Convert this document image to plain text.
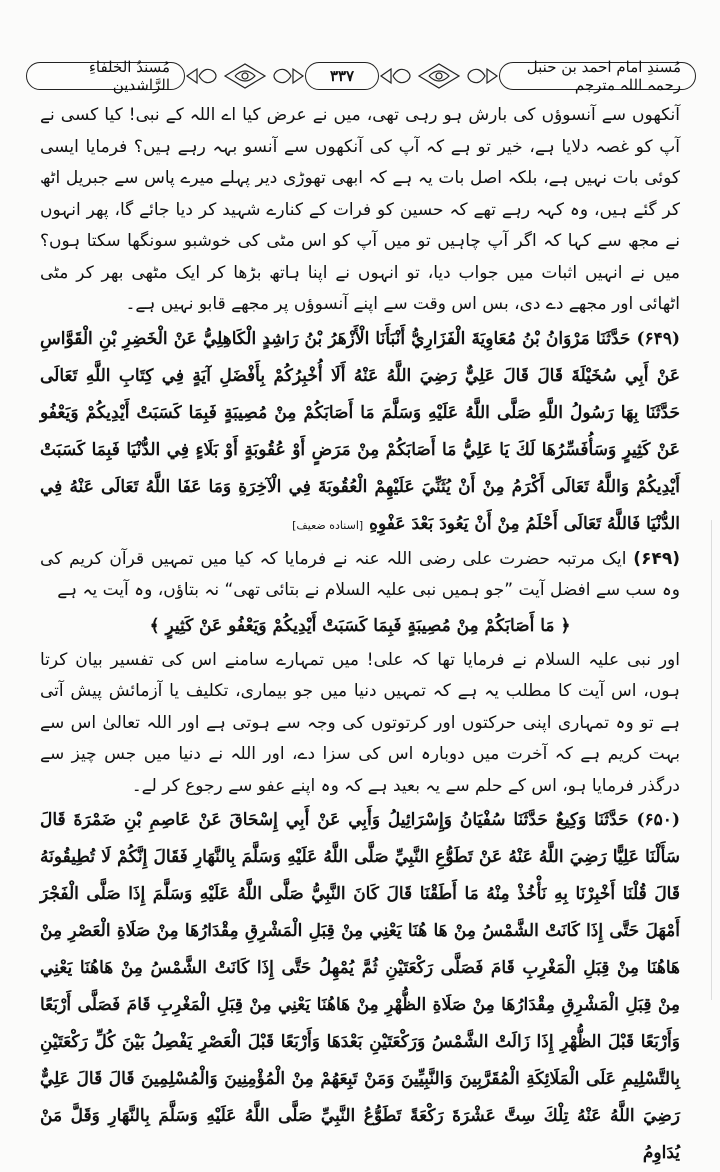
مُسندُ الخلفاءِ الرَّاشدين	۳۳۷	مُسندِ امام احمد بن حنبل رحمہ اللہ مترجم

آنکھوں سے آنسوؤں کی بارش ہو رہی تھی، میں نے عرض کیا اے اللہ کے نبی! کیا کسی نے آپ کو غصہ دلایا ہے، خیر تو ہے کہ آپ کی آنکھوں سے آنسو بہہ رہے ہیں؟ فرمایا ایسی کوئی بات نہیں ہے، بلکہ اصل بات یہ ہے کہ ابھی تھوڑی دیر پہلے میرے پاس سے جبریل اٹھ کر گئے ہیں، وہ کہہ رہے تھے کہ حسین کو فرات کے کنارے شہید کر دیا جائے گا، پھر انہوں نے مجھ سے کہا کہ اگر آپ چاہیں تو میں آپ کو اس مٹی کی خوشبو سونگھا سکتا ہوں؟ میں نے انہیں اثبات میں جواب دیا، تو انہوں نے اپنا ہاتھ بڑھا کر ایک مٹھی بھر کر مٹی اٹھائی اور مجھے دے دی، بس اس وقت سے اپنے آنسوؤں پر مجھے قابو نہیں ہے۔

(۶۴۹) حَدَّثَنَا مَرْوَانُ بْنُ مُعَاوِيَةَ الْفَزَارِيُّ أَنْبَأَنَا الْأَزْهَرُ بْنُ رَاشِدٍ الْكَاهِلِيُّ عَنْ الْخَضِرِ بْنِ الْقَوَّاسِ عَنْ أَبِي سُخَيْلَةَ قَالَ قَالَ عَلِيٌّ رَضِيَ اللَّهُ عَنْهُ أَلَا أُخْبِرُكُمْ بِأَفْضَلِ آيَةٍ فِي كِتَابِ اللَّهِ تَعَالَى حَدَّثَنَا بِهَا رَسُولُ اللَّهِ صَلَّى اللَّهُ عَلَيْهِ وَسَلَّمَ مَا أَصَابَكُمْ مِنْ مُصِيبَةٍ فَبِمَا كَسَبَتْ أَيْدِيكُمْ وَيَعْفُو عَنْ كَثِيرٍ وَسَأُفَسِّرُهَا لَكَ يَا عَلِيُّ مَا أَصَابَكُمْ مِنْ مَرَضٍ أَوْ عُقُوبَةٍ أَوْ بَلَاءٍ فِي الدُّنْيَا فَبِمَا كَسَبَتْ أَيْدِيكُمْ وَاللَّهُ تَعَالَى أَكْرَمُ مِنْ أَنْ يُثَنِّيَ عَلَيْهِمْ الْعُقُوبَةَ فِي الْآخِرَةِ وَمَا عَفَا اللَّهُ تَعَالَى عَنْهُ فِي الدُّنْيَا فَاللَّهُ تَعَالَى أَحْلَمُ مِنْ أَنْ يَعُودَ بَعْدَ عَفْوِهِ [اسناده ضعيف]

(۶۴۹) ایک مرتبہ حضرت علی رضی اللہ عنہ نے فرمایا کہ کیا میں تمہیں قرآن کریم کی وہ سب سے افضل آیت ”جو ہمیں نبی علیہ السلام نے بتائی تھی“ نہ بتاؤں، وہ آیت یہ ہے

﴿ مَا أَصَابَكُمْ مِنْ مُصِيبَةٍ فَبِمَا كَسَبَتْ أَيْدِيكُمْ وَيَعْفُو عَنْ كَثِيرٍ ﴾

اور نبی علیہ السلام نے فرمایا تھا کہ علی! میں تمہارے سامنے اس کی تفسیر بیان کرتا ہوں، اس آیت کا مطلب یہ ہے کہ تمہیں دنیا میں جو بیماری، تکلیف یا آزمائش پیش آتی ہے تو وہ تمہاری اپنی حرکتوں اور کرتوتوں کی وجہ سے ہوتی ہے اور اللہ تعالیٰ اس سے بہت کریم ہے کہ آخرت میں دوبارہ اس کی سزا دے، اور اللہ نے دنیا میں جس چیز سے درگذر فرمایا ہو، اس کے حلم سے یہ بعید ہے کہ وہ اپنے عفو سے رجوع کر لے۔

(۶۵۰) حَدَّثَنَا وَكِيعٌ حَدَّثَنَا سُفْيَانُ وَإِسْرَائِيلُ وَأَبِي عَنْ أَبِي إِسْحَاقَ عَنْ عَاصِمِ بْنِ ضَمْرَةَ قَالَ سَأَلْنَا عَلِيًّا رَضِيَ اللَّهُ عَنْهُ عَنْ تَطَوُّعِ النَّبِيِّ صَلَّى اللَّهُ عَلَيْهِ وَسَلَّمَ بِالنَّهَارِ فَقَالَ إِنَّكُمْ لَا تُطِيقُونَهُ قَالَ قُلْنَا أَخْبِرْنَا بِهِ نَأْخُذْ مِنْهُ مَا أَطَقْنَا قَالَ كَانَ النَّبِيُّ صَلَّى اللَّهُ عَلَيْهِ وَسَلَّمَ إِذَا صَلَّى الْفَجْرَ أَمْهَلَ حَتَّى إِذَا كَانَتْ الشَّمْسُ مِنْ هَا هُنَا يَعْنِي مِنْ قِبَلِ الْمَشْرِقِ مِقْدَارُهَا مِنْ صَلَاةِ الْعَصْرِ مِنْ هَاهُنَا مِنْ قِبَلِ الْمَغْرِبِ قَامَ فَصَلَّى رَكْعَتَيْنِ ثُمَّ يُمْهِلُ حَتَّى إِذَا كَانَتْ الشَّمْسُ مِنْ هَاهُنَا يَعْنِي مِنْ قِبَلِ الْمَشْرِقِ مِقْدَارُهَا مِنْ صَلَاةِ الظُّهْرِ مِنْ هَاهُنَا يَعْنِي مِنْ قِبَلِ الْمَغْرِبِ قَامَ فَصَلَّى أَرْبَعًا وَأَرْبَعًا قَبْلَ الظُّهْرِ إِذَا زَالَتْ الشَّمْسُ وَرَكْعَتَيْنِ بَعْدَهَا وَأَرْبَعًا قَبْلَ الْعَصْرِ يَفْصِلُ بَيْنَ كُلِّ رَكْعَتَيْنِ بِالتَّسْلِيمِ عَلَى الْمَلَائِكَةِ الْمُقَرَّبِينَ وَالنَّبِيِّينَ وَمَنْ تَبِعَهُمْ مِنْ الْمُؤْمِنِينَ وَالْمُسْلِمِينَ قَالَ قَالَ عَلِيٌّ رَضِيَ اللَّهُ عَنْهُ تِلْكَ سِتَّ عَشْرَةَ رَكْعَةً تَطَوُّعُ النَّبِيِّ صَلَّى اللَّهُ عَلَيْهِ وَسَلَّمَ بِالنَّهَارِ وَقَلَّ مَنْ يُدَاوِمُ
